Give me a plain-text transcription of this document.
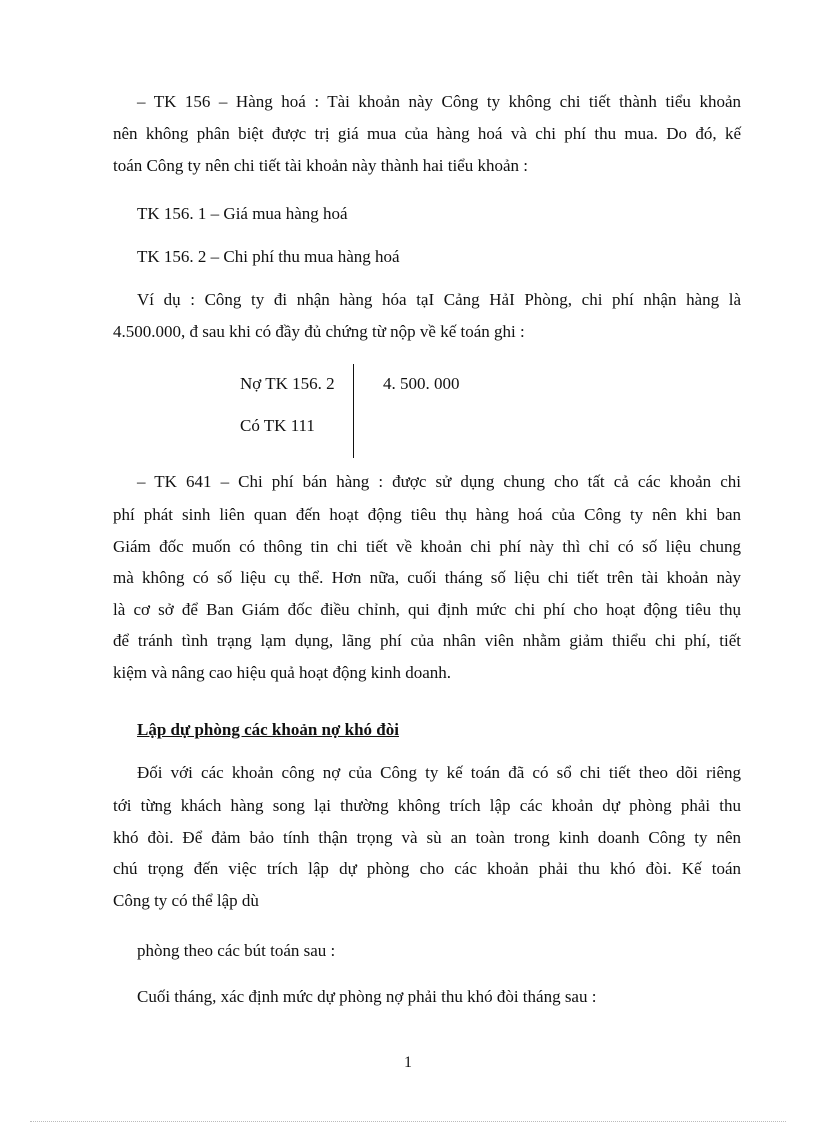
– TK 156 – Hàng hoá : Tài khoản này Công ty không chi tiết thành tiểu khoản
nên không phân biệt được trị giá mua của hàng hoá và chi phí thu mua. Do đó, kế
toán Công ty nên chi tiết tài khoản này thành hai tiểu khoản :
TK 156. 1 – Giá mua hàng hoá
TK 156. 2 – Chi phí thu mua hàng hoá
Ví dụ : Công ty đi nhận hàng hóa tạI Cảng HảI Phòng, chi phí nhận hàng là
4.500.000, đ sau khi có đầy đủ chứng từ nộp về kế toán ghi :
Nợ TK 156. 2
Có TK 111
4. 500. 000
– TK 641 – Chi phí bán hàng : được sử dụng chung cho tất cả các khoản chi
phí phát sinh liên quan đến hoạt động tiêu thụ hàng hoá của Công ty nên khi ban
Giám đốc muốn có thông tin chi tiết về khoản chi phí này thì chỉ có số liệu chung
mà không có số liệu cụ thể. Hơn nữa, cuối tháng số liệu chi tiết trên tài khoản này
là cơ sở để Ban Giám đốc điều chỉnh, qui định mức chi phí cho hoạt động tiêu thụ
để tránh tình trạng lạm dụng, lãng phí của nhân viên nhằm giảm thiểu chi phí, tiết
kiệm và nâng cao hiệu quả hoạt động kinh doanh.
Lập dự phòng các khoản nợ khó đòi
Đối với các khoản công nợ của Công ty kế toán đã có sổ chi tiết theo dõi riêng
tới từng khách hàng song lại thường không trích lập các khoản dự phòng phải thu
khó đòi. Để đảm bảo tính thận trọng và sù an toàn trong kinh doanh Công ty nên
chú trọng đến việc trích lập dự phòng cho các khoản phải thu khó đòi. Kế toán
Công ty có thể lập dù
phòng theo các bút toán sau :
Cuối tháng, xác định mức dự phòng nợ phải thu khó đòi tháng sau :
1
